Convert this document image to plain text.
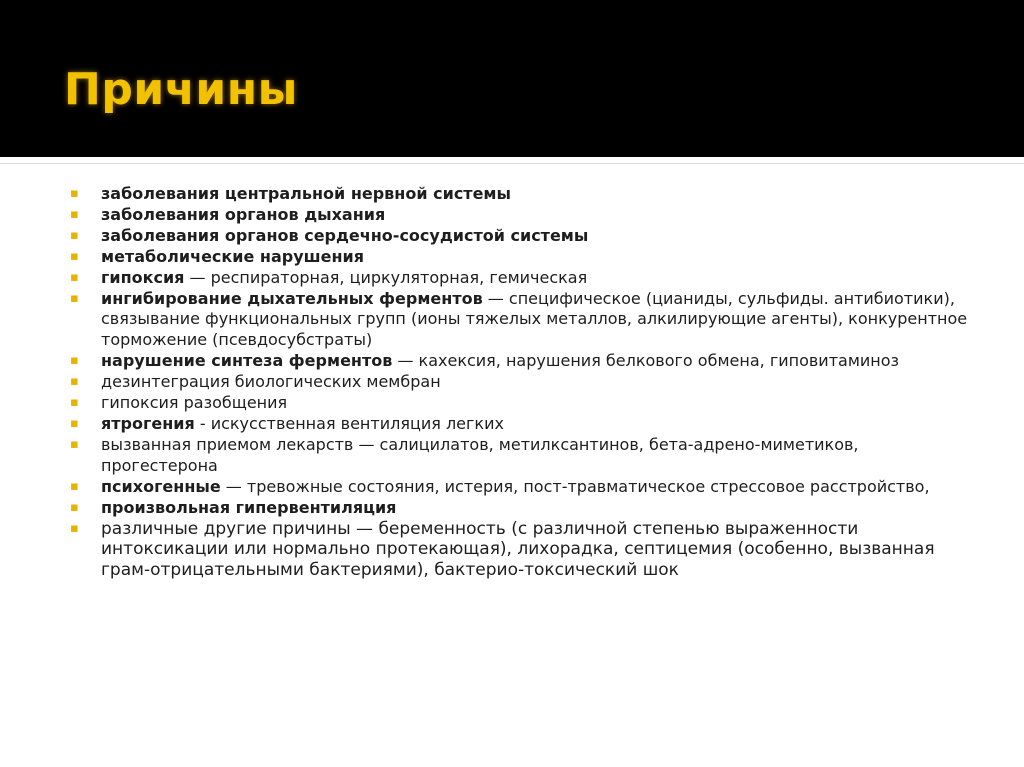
Причины
▪ заболевания центральной нервной системы
▪ заболевания органов дыхания
▪ заболевания органов сердечно-сосудистой системы
▪ метаболические нарушения
▪ гипоксия — респираторная, циркуляторная, гемическая
▪ ингибирование дыхательных ферментов — специфическое (цианиды, сульфиды. антибиотики), связывание функциональных групп (ионы тяжелых металлов, алкилирующие агенты), конкурентное торможение (псевдосубстраты)
▪ нарушение синтеза ферментов — кахексия, нарушения белкового обмена, гиповитаминоз
▪ дезинтеграция биологических мембран
▪ гипоксия разобщения
▪ ятрогения - искусственная вентиляция легких
▪ вызванная приемом лекарств — салицилатов, метилксантинов, бета-адрено-миметиков, прогестерона
▪ психогенные — тревожные состояния, истерия, пост-травматическое стрессовое расстройство,
▪ произвольная гипервентиляция
▪ различные другие причины — беременность (с различной степенью выраженности интоксикации или нормально протекающая), лихорадка, септицемия (особенно, вызванная грам-отрицательными бактериями), бактерио-токсический шок
